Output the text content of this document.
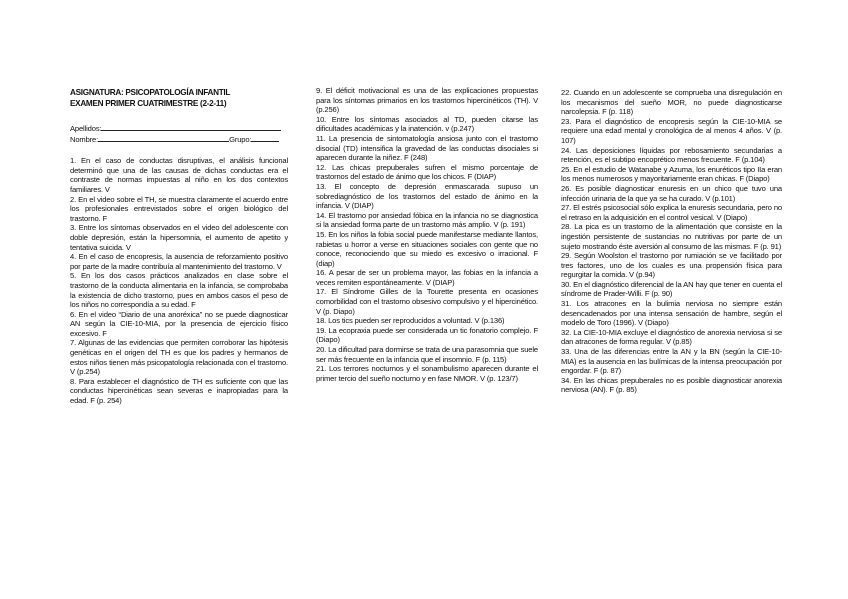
ASIGNATURA: PSICOPATOLOGÍA INFANTIL
EXAMEN PRIMER CUATRIMESTRE (2-2-11)
Apellidos:
Nombre:	Grupo:

1. En el caso de conductas disruptivas, el análisis funcional determinó que una de las causas de dichas conductas era el contraste de normas impuestas al niño en los dos contextos familiares. V

2. En el video sobre el TH, se muestra claramente el acuerdo entre los profesionales entrevistados sobre el origen biológico del trastorno. F

3. Entre los síntomas observados en el video del adolescente con doble depresión, están la hipersomnia, el aumento de apetito y tentativa suicida. V

4. En el caso de encopresis, la ausencia de reforzamiento positivo por parte de la madre contribuía al mantenimiento del trastorno. V

5. En los dos casos prácticos analizados en clase sobre el trastorno de la conducta alimentaria en la infancia, se comprobaba la existencia de dicho trastorno, pues en ambos casos el peso de los niños no correspondía a su edad. F

6. En el video “Diario de una anoréxica” no se puede diagnosticar AN según la CIE-10-MIA, por la presencia de ejercicio físico excesivo. F

7. Algunas de las evidencias que permiten corroborar las hipótesis genéticas en el origen del TH es que los padres y hermanos de estos niños tienen más psicopatología relacionada con el trastorno. V (p.254)

8. Para establecer el diagnóstico de TH es suficiente con que las conductas hipercinéticas sean severas e inapropiadas para la edad. F (p. 254)

9. El déficit motivacional es una de las explicaciones propuestas para los síntomas primarios en los trastornos hipercinéticos (TH). V (p.256)

10. Entre los síntomas asociados al TD, pueden citarse las dificultades académicas y la inatención. v (p.247)

11. La presencia de sintomatología ansiosa junto con el trastorno disocial (TD) intensifica la gravedad de las conductas disociales si aparecen durante la niñez. F (248)

12. Las chicas prepuberales sufren el mismo porcentaje de trastornos del estado de ánimo que los chicos. F (DIAP)

13. El concepto de depresión enmascarada supuso un sobrediagnóstico de los trastornos del estado de ánimo en la infancia. V (DIAP)

14. El trastorno por ansiedad fóbica en la infancia no se diagnostica si la ansiedad forma parte de un trastorno más amplio. V (p. 191)

15. En los niños la fobia social puede manifestarse mediante llantos, rabietas u horror a verse en situaciones sociales con gente que no conoce, reconociendo que su miedo es excesivo o irracional. F (diap)

16. A pesar de ser un problema mayor, las fobias en la infancia a veces remiten espontáneamente. V (DIAP)

17. El Síndrome Gilles de la Tourette presenta en ocasiones comorbilidad con el trastorno obsesivo compulsivo y el hipercinético. V (p. Diapo)

18. Los tics pueden ser reproducidos a voluntad. V (p.136)

19. La ecopraxia puede ser considerada un tic fonatorio complejo. F (Diapo)

20. La dificultad para dormirse se trata de una parasomnia que suele ser más frecuente en la infancia que el insomnio. F (p. 115)

21. Los terrores nocturnos y el sonambulismo aparecen durante el primer tercio del sueño nocturno y en fase NMOR. V (p. 123/7)

22. Cuando en un adolescente se comprueba una disregulación en los mecanismos del sueño MOR, no puede diagnosticarse narcolepsia. F (p. 118)

23. Para el diagnóstico de encopresis según la CIE-10-MIA se requiere una edad mental y cronológica de al menos 4 años. V (p. 107)

24. Las deposiciones líquidas por rebosamiento secundarias a retención, es el subtipo encoprético menos frecuente. F (p.104)

25. En el estudio de Watanabe y Azuma, los enuréticos tipo IIa eran los menos numerosos y mayoritariamente eran chicas. F (Diapo)

26. Es posible diagnosticar enuresis en un chico que tuvo una infección urinaria de la que ya se ha curado. V (p.101)

27. El estrés psicosocial sólo explica la enuresis secundaria, pero no el retraso en la adquisición en el control vesical. V (Diapo)

28. La pica es un trastorno de la alimentación que consiste en la ingestión persistente de sustancias no nutritivas por parte de un sujeto mostrando éste aversión al consumo de las mismas. F (p. 91)

29. Según Woolston el trastorno por rumiación se ve facilitado por tres factores, uno de los cuales es una propensión física para regurgitar la comida. V (p.94)

30. En el diagnóstico diferencial de la AN hay que tener en cuenta el síndrome de Prader-Willi. F (p. 90)

31. Los atracones en la bulimia nerviosa no siempre están desencadenados por una intensa sensación de hambre, según el modelo de Toro (1996). V (Diapo)

32. La CIE-10-MIA excluye el diagnóstico de anorexia nerviosa si se dan atracones de forma regular. V (p.85)

33. Una de las diferencias entre la AN y la BN (según la CIE-10-MIA) es la ausencia en las bulímicas de la intensa preocupación por engordar. F (p. 87)

34. En las chicas prepuberales no es posible diagnosticar anorexia nerviosa (AN). F (p. 85)
